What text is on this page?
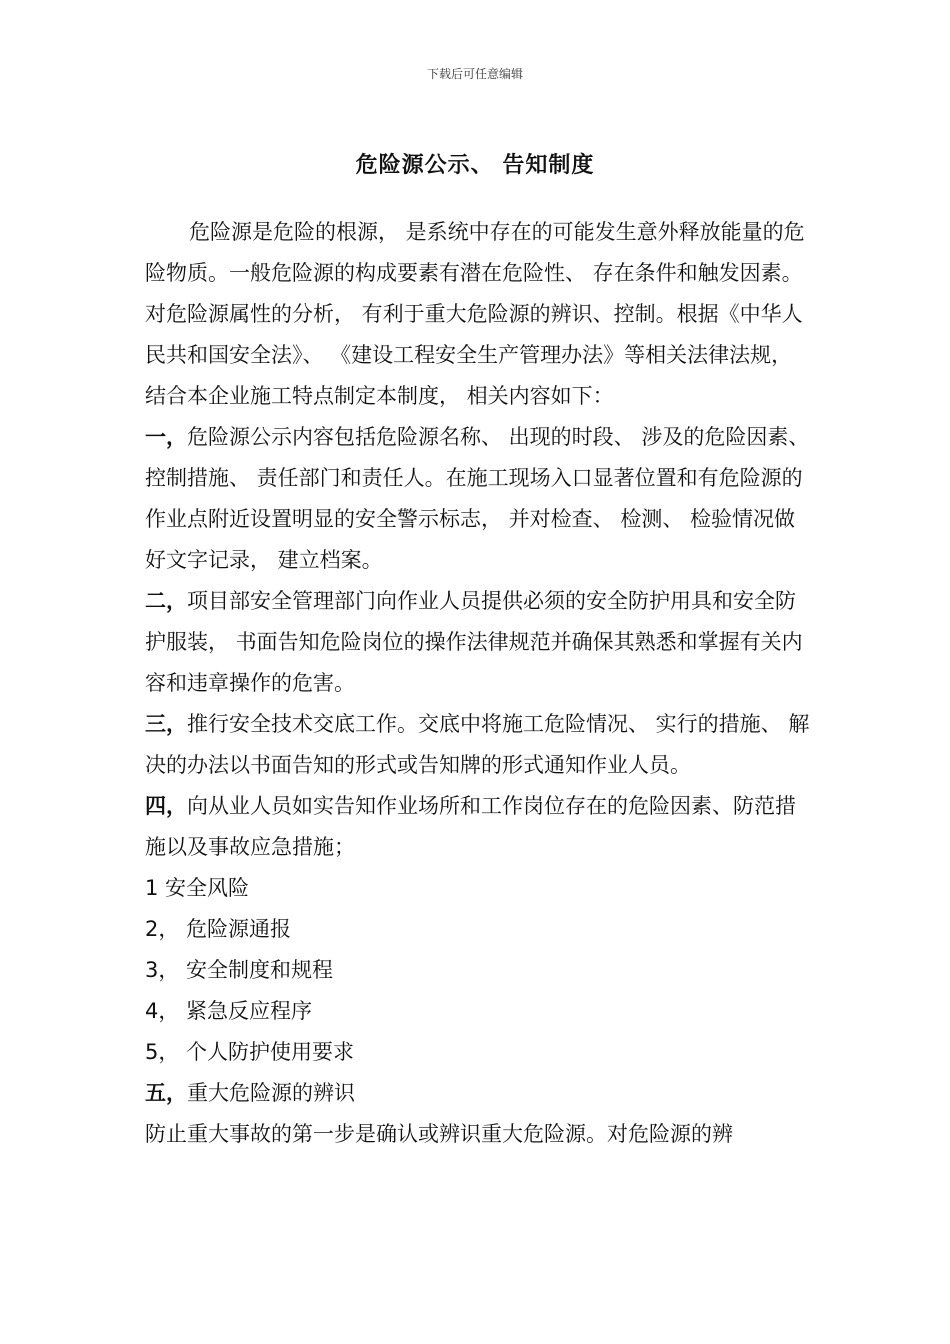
下载后可任意编辑
危险源公示、 告知制度

危险源是危险的根源， 是系统中存在的可能发生意外释放能量的危险物质。一般危险源的构成要素有潜在危险性、 存在条件和触发因素。对危险源属性的分析， 有利于重大危险源的辨识、控制。根据《中华人民共和国安全法》、 《建设工程安全生产管理办法》等相关法律法规， 结合本企业施工特点制定本制度， 相关内容如下：

一，危险源公示内容包括危险源名称、 出现的时段、 涉及的危险因素、 控制措施、 责任部门和责任人。在施工现场入口显著位置和有危险源的作业点附近设置明显的安全警示标志， 并对检查、 检测、 检验情况做好文字记录， 建立档案。

二，项目部安全管理部门向作业人员提供必须的安全防护用具和安全防护服装， 书面告知危险岗位的操作法律规范并确保其熟悉和掌握有关内容和违章操作的危害。

三，推行安全技术交底工作。交底中将施工危险情况、 实行的措施、 解决的办法以书面告知的形式或告知牌的形式通知作业人员。

四，向从业人员如实告知作业场所和工作岗位存在的危险因素、防范措施以及事故应急措施；

1 安全风险

2， 危险源通报

3， 安全制度和规程

4， 紧急反应程序

5， 个人防护使用要求

五，重大危险源的辨识

防止重大事故的第一步是确认或辨识重大危险源。对危险源的辨
